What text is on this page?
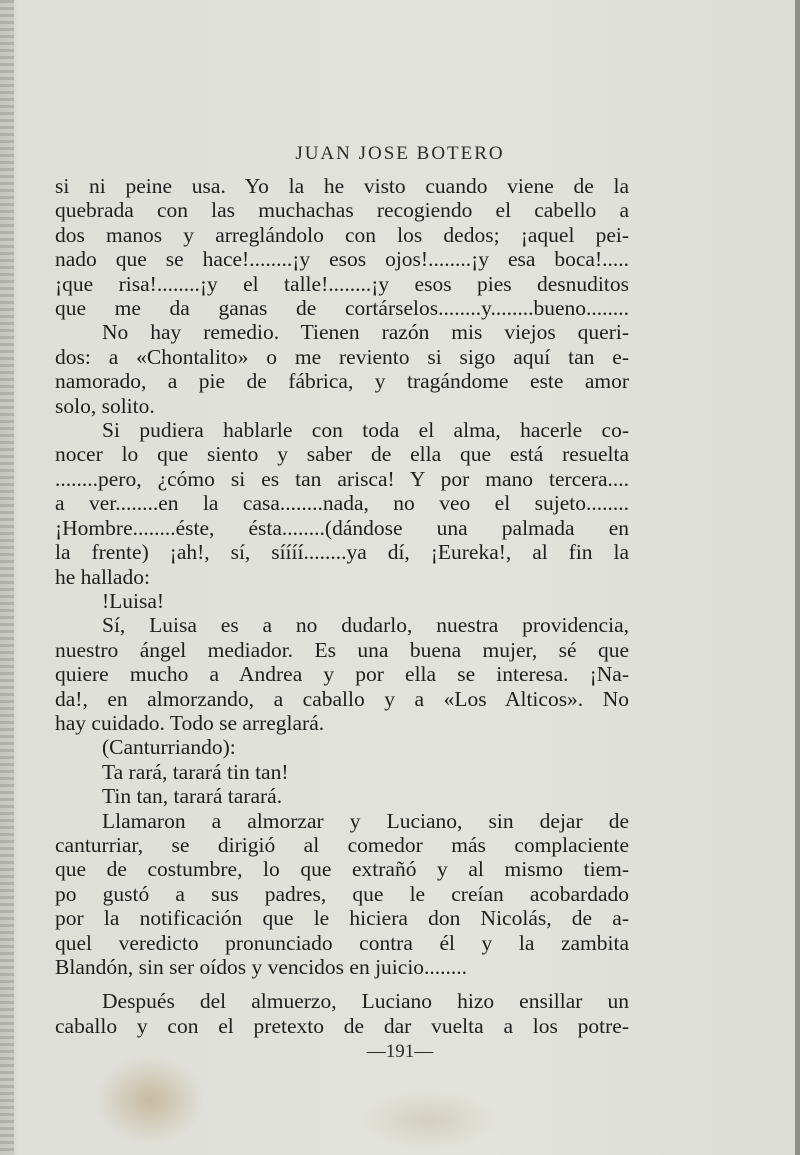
JUAN JOSE BOTERO
si ni peine usa. Yo la he visto cuando viene de la
quebrada con las muchachas recogiendo el cabello a
dos manos y arreglándolo con los dedos; ¡aquel pei-
nado que se hace!........¡y esos ojos!........¡y esa boca!.....
¡que risa!........¡y el talle!........¡y esos pies desnuditos
que me da ganas de cortárselos........y........bueno........
No hay remedio. Tienen razón mis viejos queri-
dos: a «Chontalito» o me reviento si sigo aquí tan e-
namorado, a pie de fábrica, y tragándome este amor
solo, solito.
Si pudiera hablarle con toda el alma, hacerle co-
nocer lo que siento y saber de ella que está resuelta
........pero, ¿cómo si es tan arisca! Y por mano tercera....
a ver........en la casa........nada, no veo el sujeto........
¡Hombre........éste, ésta........(dándose una palmada en
la frente) ¡ah!, sí, síííí........ya dí, ¡Eureka!, al fin la
he hallado:
!Luisa!
Sí, Luisa es a no dudarlo, nuestra providencia,
nuestro ángel mediador. Es una buena mujer, sé que
quiere mucho a Andrea y por ella se interesa. ¡Na-
da!, en almorzando, a caballo y a «Los Alticos». No
hay cuidado. Todo se arreglará.
(Canturriando):
Ta rará, tarará tin tan!
Tin tan, tarará tarará.
Llamaron a almorzar y Luciano, sin dejar de
canturriar, se dirigió al comedor más complaciente
que de costumbre, lo que extrañó y al mismo tiem-
po gustó a sus padres, que le creían acobardado
por la notificación que le hiciera don Nicolás, de a-
quel veredicto pronunciado contra él y la zambita
Blandón, sin ser oídos y vencidos en juicio........
Después del almuerzo, Luciano hizo ensillar un
caballo y con el pretexto de dar vuelta a los potre-
—191—
